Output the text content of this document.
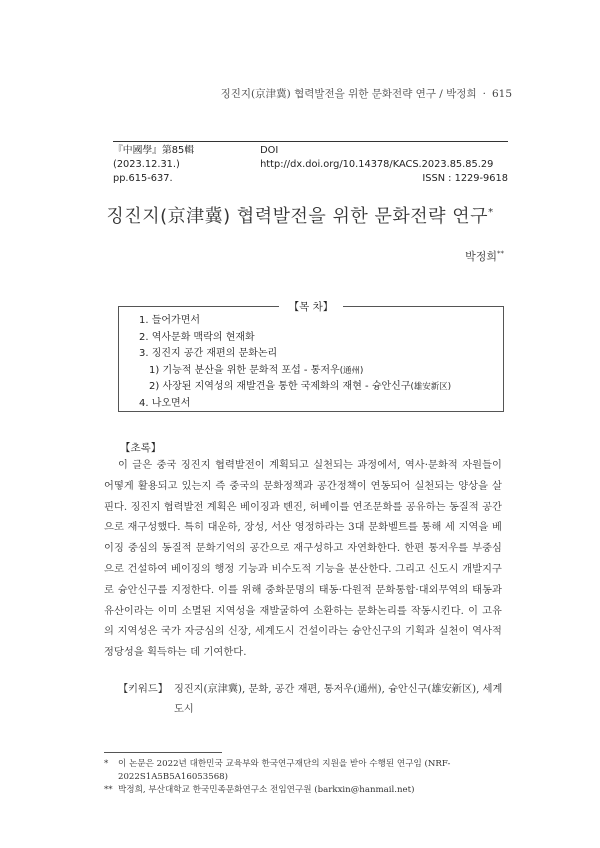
징진지(京津冀) 협력발전을 위한 문화전략 연구 / 박정희 · 615
『中國學』第85輯 (2023.12.31.)
DOI http://dx.doi.org/10.14378/KACS.2023.85.85.29
pp.615-637.	ISSN : 1229-9618
징진지(京津冀) 협력발전을 위한 문화전략 연구*
박정희**
【목 차】
1. 들어가면서
2. 역사문화 맥락의 현재화
3. 징진지 공간 재편의 문화논리
1) 기능적 분산을 위한 문화적 포섭 - 통저우(通州)
2) 사장된 지역성의 재발견을 통한 국제화의 재현 - 슝안신구(雄安新区)
4. 나오면서
【초록】
이 글은 중국 징진지 협력발전이 계획되고 실천되는 과정에서, 역사·문화적 자원들이 어떻게 활용되고 있는지 즉 중국의 문화정책과 공간정책이 연동되어 실천되는 양상을 살핀다. 징진지 협력발전 계획은 베이징과 톈진, 허베이를 연조문화를 공유하는 동질적 공간으로 재구성했다. 특히 대운하, 장성, 서산 영정하라는 3대 문화벨트를 통해 세 지역을 베이징 중심의 동질적 문화기억의 공간으로 재구성하고 자연화한다. 한편 통저우를 부중심으로 건설하여 베이징의 행정 기능과 비수도적 기능을 분산한다. 그리고 신도시 개발지구로 슝안신구를 지정한다. 이를 위해 중화문명의 태동·다원적 문화통합·대외무역의 태동과 유산이라는 이미 소멸된 지역성을 재발굴하여 소환하는 문화논리를 작동시킨다. 이 고유의 지역성은 국가 자긍심의 신장, 세계도시 건설이라는 슝안신구의 기획과 실천이 역사적 정당성을 획득하는 데 기여한다.
【키워드】 징진지(京津冀), 문화, 공간 재편, 통저우(通州), 슝안신구(雄安新区), 세계도시
*	이 논문은 2022년 대한민국 교육부와 한국연구재단의 지원을 받아 수행된 연구임 (NRF-2022S1A5B5A16053568)
** 박정희, 부산대학교 한국민족문화연구소 전임연구원 (barkxin@hanmail.net)
